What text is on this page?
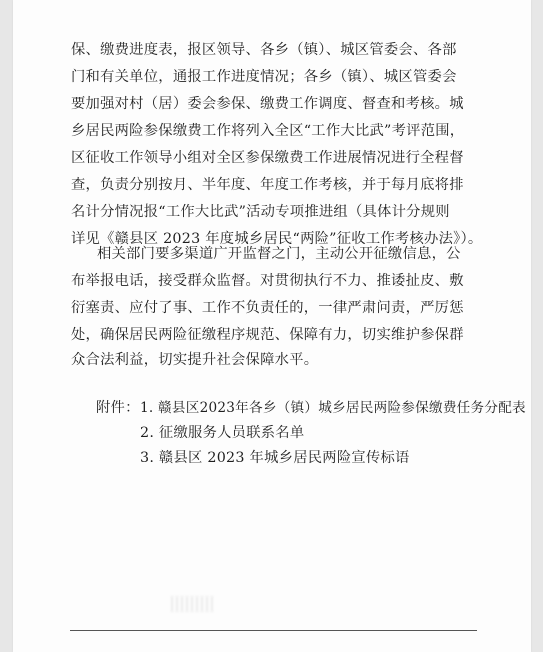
保、缴费进度表，报区领导、各乡（镇）、城区管委会、各部
门和有关单位，通报工作进度情况；各乡（镇）、城区管委会
要加强对村（居）委会参保、缴费工作调度、督查和考核。城
乡居民两险参保缴费工作将列入全区“工作大比武”考评范围，
区征收工作领导小组对全区参保缴费工作进展情况进行全程督
查，负责分别按月、半年度、年度工作考核，并于每月底将排
名计分情况报“工作大比武”活动专项推进组（具体计分规则
详见《赣县区 2023 年度城乡居民“两险”征收工作考核办法》）。
相关部门要多渠道广开监督之门，主动公开征缴信息，公
布举报电话，接受群众监督。对贯彻执行不力、推诿扯皮、敷
衍塞责、应付了事、工作不负责任的，一律严肃问责，严厉惩
处，确保居民两险征缴程序规范、保障有力，切实维护参保群
众合法利益，切实提升社会保障水平。
附件： 1. 赣县区2023年各乡（镇）城乡居民两险参保缴费任务分配表
2. 征缴服务人员联系名单
3. 赣县区 2023 年城乡居民两险宣传标语
